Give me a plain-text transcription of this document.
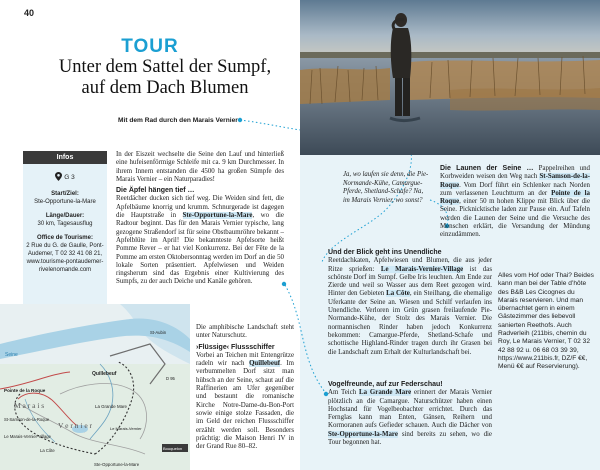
40
TOUR
Unter dem Sattel der Sumpf,
auf dem Dach Blumen
Mit dem Rad durch den Marais Vernier
Infos
G 3
Start/Ziel:
Ste-Opportune-la-Mare
Länge/Dauer:
30 km, Tagesausflug
Office de Tourisme:
2 Rue du G. de Gaulle, Pont-Audemer, T 02 32 41 08 21, www.tourisme-pontaudemer-rivelenomande.com

In der Eiszeit wechselte die Seine den Lauf und hinterließ eine hufeisenförmige Schleife mit ca. 9 km Durchmesser. In ihrem Innern entstanden die 4500 ha großen Sümpfe des Marais Vernier – ein Naturparadies!

Die Äpfel hängen tief …
Reetdächer ducken sich tief weg. Die Weiden sind fett, die Apfelbäume knorrig und krumm. Schnurgerade ist dagegen die Hauptstraße in Ste-Opportune-la-Mare, wo die Radtour beginnt. Das für den Marais Vernier typische, lang gezogene Straßendorf ist für seine Obstbaumröhre bekannt – Apfelblüte im April! Die bekannteste Apfelsorte heißt Pomme Rever – er hat viel Konkurrenz. Bei der Fête de la Pomme am ersten Oktobersonntag werden im Dorf an die 50 lokale Sorten präsentiert. Apfelwiesen und Weiden ringsherum sind das Ergebnis einer Kultivierung des Sumpfs, zu der auch Deiche und Kanäle gehören.

Die amphibische Landschaft steht unter Naturschutz.

›Flüssige‹ Flussschiffer
Vorbei an Teichen mit Entengrütze radeln wir nach Quillebeuf. Im verbummelten Dorf sitzt man hübsch an der Seine, schaut auf die Raffinerien am Ufer gegenüber und bestaunt die romanische Kirche Notre-Dame-du-Bon-Port sowie einige stolze Fassaden, die im Geld der reichen Flussschiffer erzählt werden soll. Besonders prächtig: die Maison Henri IV in der Grand Rue 80–82.

Seine
Quillebeuf
Pointe de la Roque
M a r a i s
V e r n i e r
St-Samson-de-la-Roque
Le Marais-Vernier-Village
La Grande Mare
Ste-Opportune-la-Mare
La Côte
St-Aubin
D 95
Le Marais-Vernier
Bouquelon
Ja, wo laufen sie denn, die Pie-Normande-Kühe, Camargue-Pferde, Shetland-Schafe? Na, im Marais Vernier, wo sonst?

Die Launen der Seine … Pappelreihen und Korbweiden weisen den Weg nach St-Samson-de-la-Roque. Vom Dorf führt ein Schlenker nach Norden zum verlassenen Leuchtturm an der Pointe de la Roque, einer 50 m hohen Klippe mit Blick über die Seine. Picknicktische laden zur Pause ein. Auf Tafeln werden die Launen der Seine und die Versuche des Menschen erklärt, die Versandung der Mündung einzudämmen.

Und der Blick geht ins Unendliche
Reetdachkaten, Apfelwiesen und Blumen, die aus jeder Ritze sprießen: Le Marais-Vernier-Village ist das schönste Dorf im Sumpf. Gelbe Iris leuchten. Am Ende zur Zierde und weil so Wasser aus dem Reet gezogen wird. Hinter den Gebieten La Côte, ein Steilhang, die ehemalige Uferkante der Seine an. Wiesen und Schilf verlaufen ins Unendliche. Verloren im Grün grasen freilaufende Pie-Normande-Kühe, der Stolz des Marais Vernier. Die normannischen Rinder haben jedoch Konkurrenz bekommen: Camargue-Pferde, Shetland-Schafe und schottische Highland-Rinder tragen durch ihr Grasen bei die Landschaft zum Erhalt der Kulturlandschaft bei.

Vogelfreunde, auf zur Federschau!
Am Teich La Grande Mare erinnert der Marais Vernier plötzlich an die Camargue. Naturschützer haben einen Hochstand für Vogelbeobachter errichtet. Durch das Fernglas kann man Enten, Gänsen, Reihern und Kormoranen aufs Gefieder schauen. Auch die Dächer von Ste-Opportune-la-Mare sind bereits zu sehen, wo die Tour begonnen hat.

Alles vom Hof oder Thai? Beides kann man bei der Table d’hôte des B&B Les Cicognes du Marais reservieren. Und man übernachtet gern in einem Gästezimmer des liebevoll sanierten Reethofs. Auch Radverleih (211bis, chemin du Roy, Le Marais Vernier, T 02 32 42 88 92 u. 06 68 03 39 39, https://www.211bis.fr, DZ/F €€, Menü €€ auf Reservierung).
